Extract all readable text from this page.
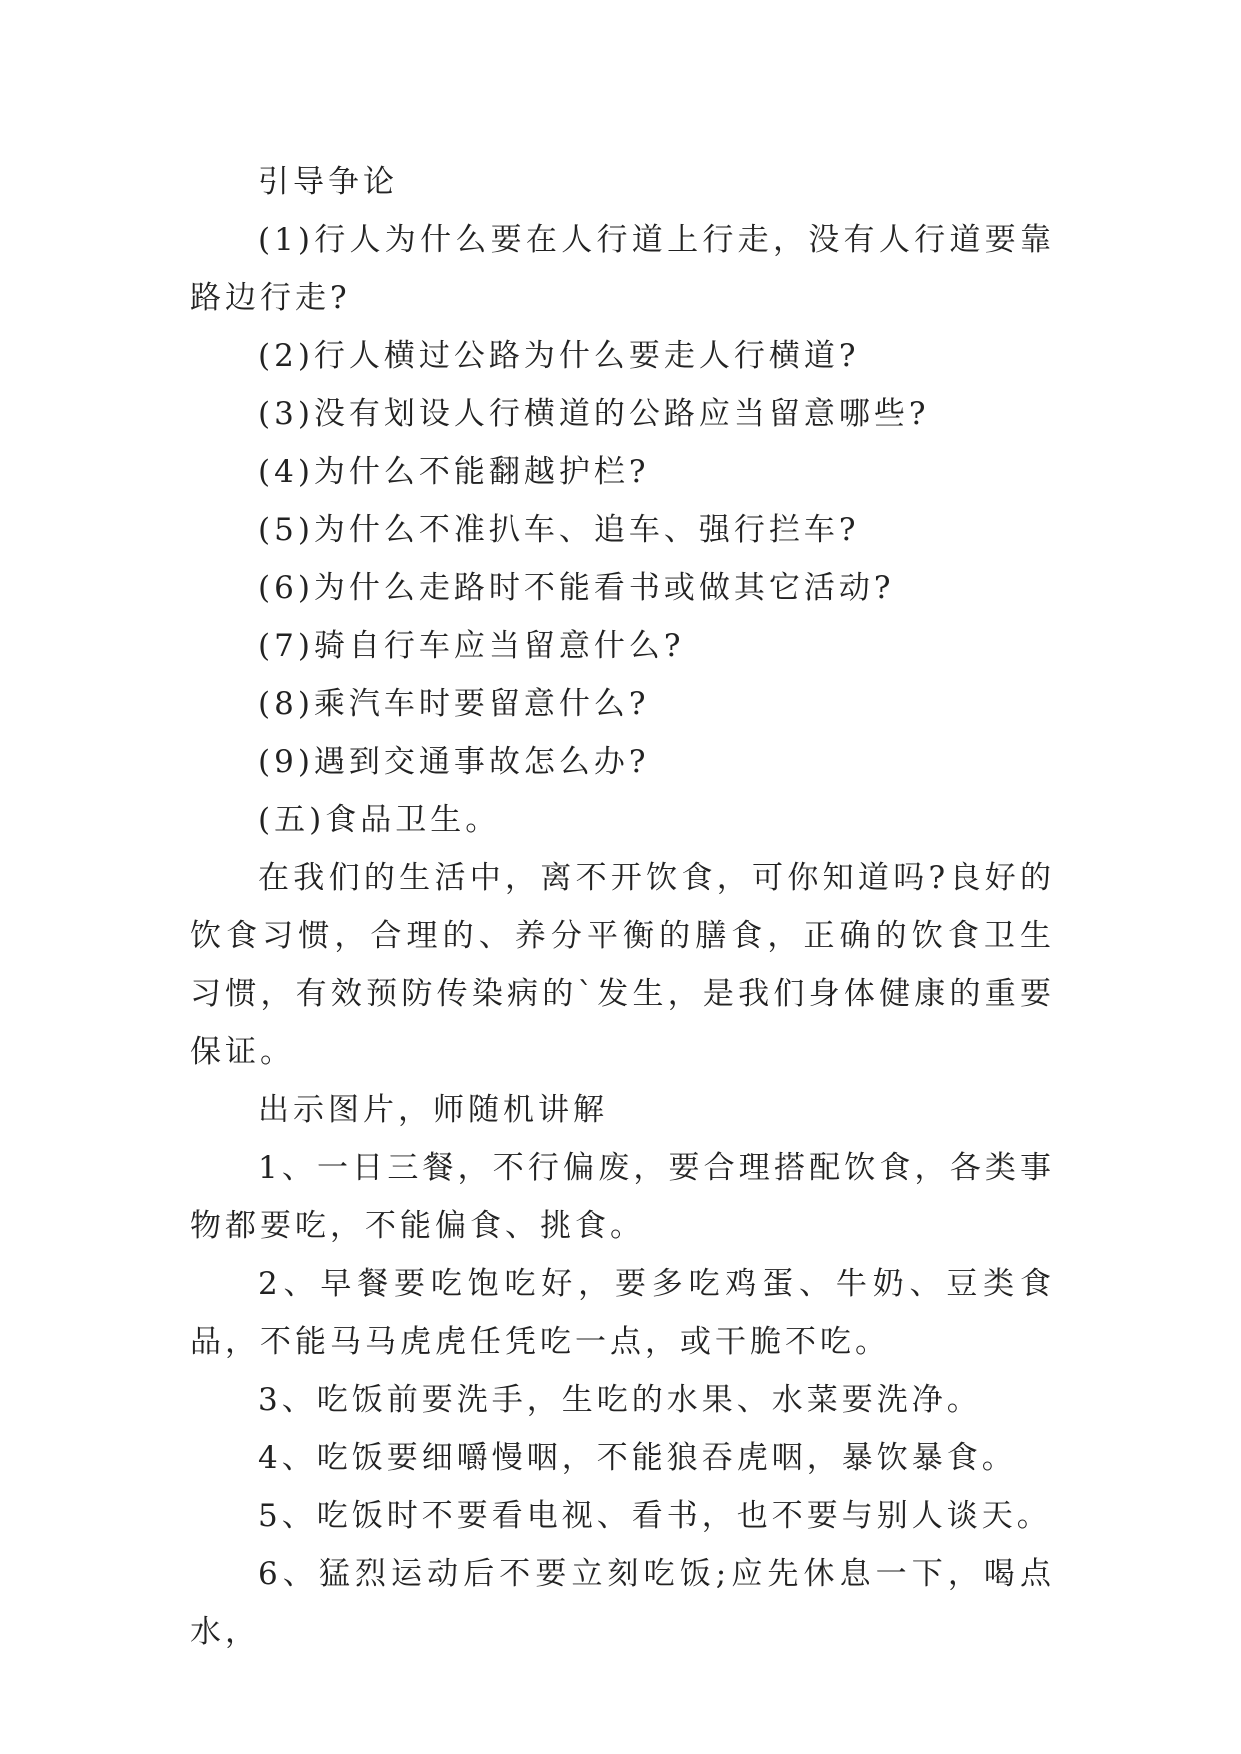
引导争论

(1)行人为什么要在人行道上行走，没有人行道要靠路边行走?

(2)行人横过公路为什么要走人行横道?

(3)没有划设人行横道的公路应当留意哪些?

(4)为什么不能翻越护栏?

(5)为什么不准扒车、追车、强行拦车?

(6)为什么走路时不能看书或做其它活动?

(7)骑自行车应当留意什么?

(8)乘汽车时要留意什么?

(9)遇到交通事故怎么办?

(五)食品卫生。

在我们的生活中，离不开饮食，可你知道吗?良好的饮食习惯，合理的、养分平衡的膳食，正确的饮食卫生习惯，有效预防传染病的`发生，是我们身体健康的重要保证。

出示图片，师随机讲解

1、一日三餐，不行偏废，要合理搭配饮食，各类事物都要吃，不能偏食、挑食。

2、早餐要吃饱吃好，要多吃鸡蛋、牛奶、豆类食品，不能马马虎虎任凭吃一点，或干脆不吃。

3、吃饭前要洗手，生吃的水果、水菜要洗净。

4、吃饭要细嚼慢咽，不能狼吞虎咽，暴饮暴食。

5、吃饭时不要看电视、看书，也不要与别人谈天。

6、猛烈运动后不要立刻吃饭;应先休息一下，喝点水，
